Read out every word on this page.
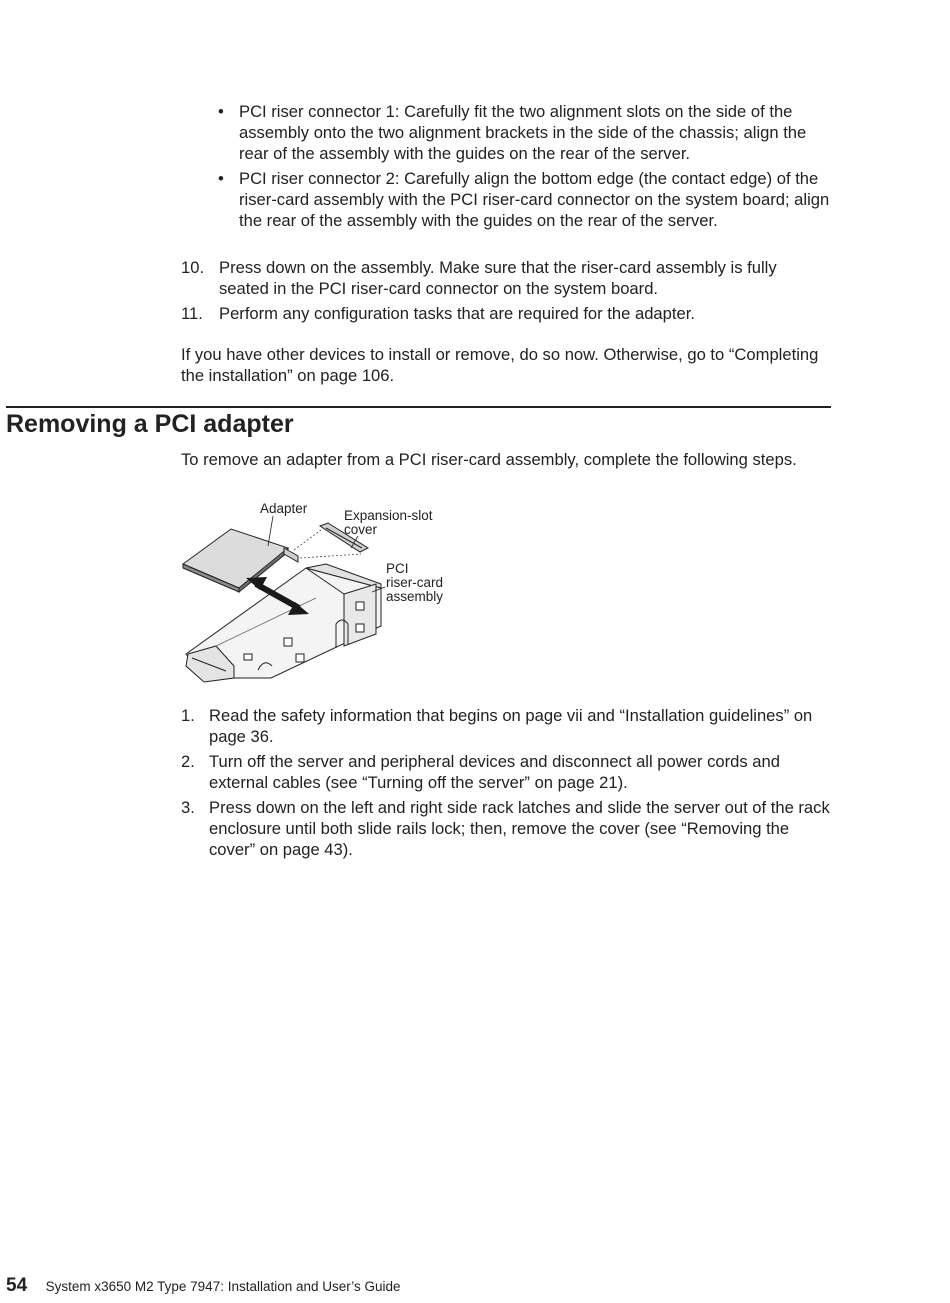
• PCI riser connector 1: Carefully fit the two alignment slots on the side of the assembly onto the two alignment brackets in the side of the chassis; align the rear of the assembly with the guides on the rear of the server.
• PCI riser connector 2: Carefully align the bottom edge (the contact edge) of the riser-card assembly with the PCI riser-card connector on the system board; align the rear of the assembly with the guides on the rear of the server.
10. Press down on the assembly. Make sure that the riser-card assembly is fully seated in the PCI riser-card connector on the system board.
11. Perform any configuration tasks that are required for the adapter.

If you have other devices to install or remove, do so now. Otherwise, go to “Completing the installation” on page 106.

Removing a PCI adapter

To remove an adapter from a PCI riser-card assembly, complete the following steps.

Adapter	Expansion-slot
cover
PCI
riser-card
assembly
1. Read the safety information that begins on page vii and “Installation guidelines” on page 36.
2. Turn off the server and peripheral devices and disconnect all power cords and external cables (see “Turning off the server” on page 21).
3. Press down on the left and right side rack latches and slide the server out of the rack enclosure until both slide rails lock; then, remove the cover (see “Removing the cover” on page 43).
54 System x3650 M2 Type 7947: Installation and User’s Guide
